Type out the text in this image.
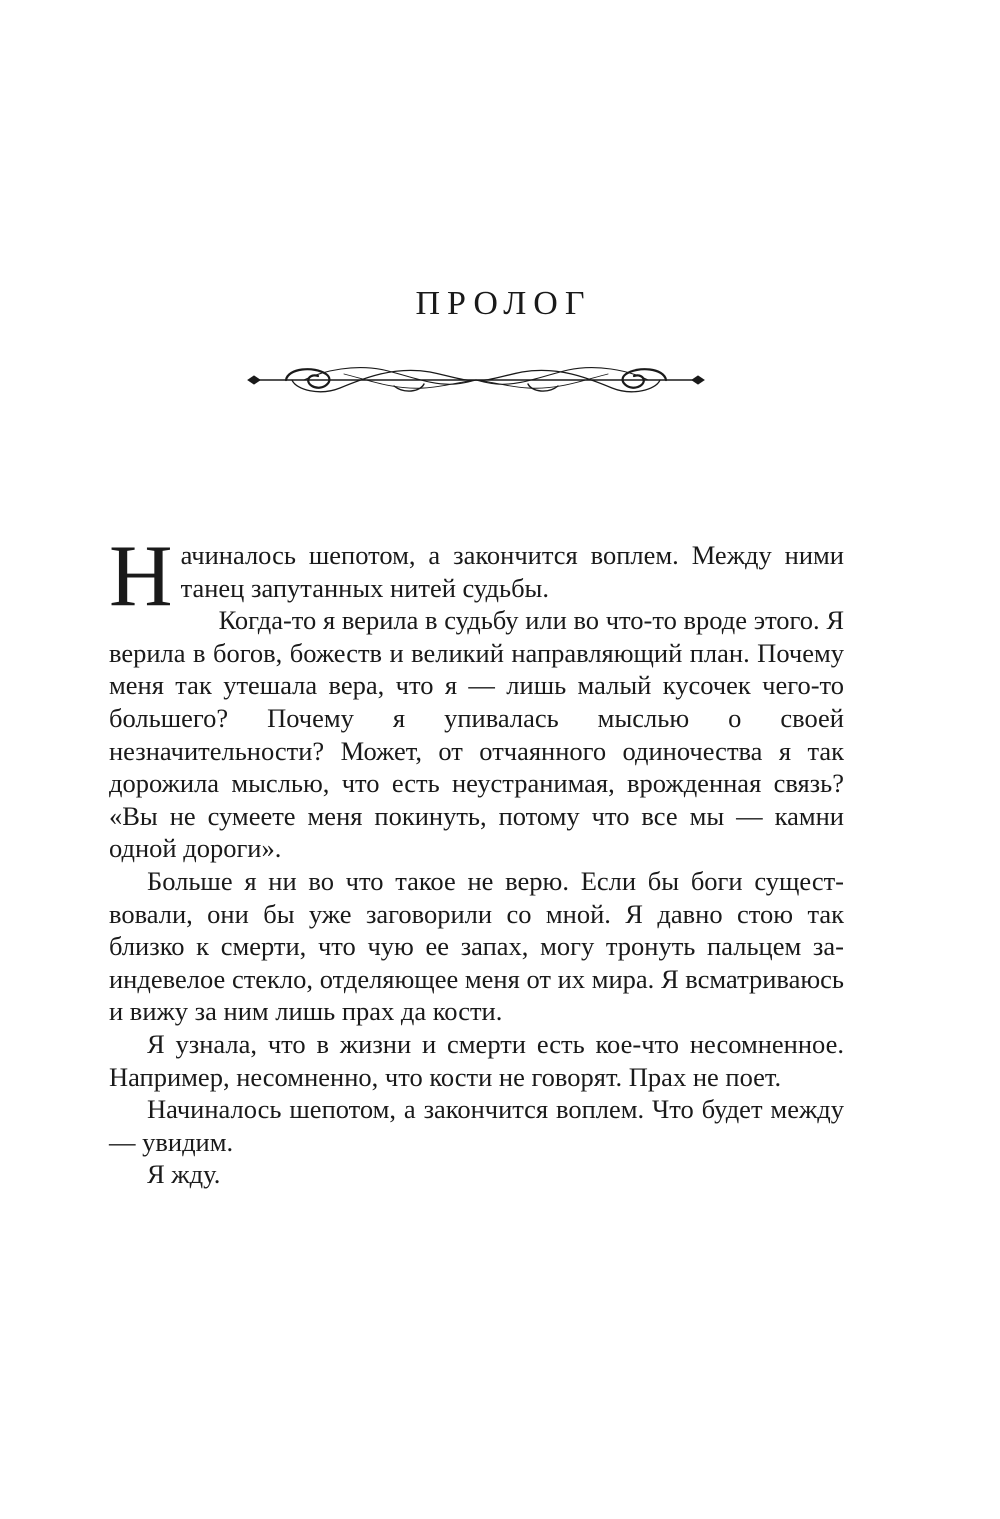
ПРОЛОГ

Начиналось шепотом, а закончится воплем. Между ними танец запутанных нитей судьбы.

Когда-то я верила в судьбу или во что-то вроде этого. Я верила в богов, божеств и великий направляющий план. Почему меня так утешала вера, что я — лишь малый кусочек чего-то большего? Почему я упивалась мыслью о своей незначительности? Может, от отчаянного одиночества я так дорожила мыслью, что есть неустранимая, врожденная связь? «Вы не сумеете меня покинуть, потому что все мы — камни одной дороги».

Больше я ни во что такое не верю. Если бы боги существовали, они бы уже заговорили со мной. Я давно стою так близко к смерти, что чую ее запах, могу тронуть пальцем заиндевелое стекло, отделяющее меня от их мира. Я всматриваюсь и вижу за ним лишь прах да кости.

Я узнала, что в жизни и смерти есть кое-что несомненное. Например, несомненно, что кости не говорят. Прах не поет.

Начиналось шепотом, а закончится воплем. Что будет между — увидим.

Я жду.
